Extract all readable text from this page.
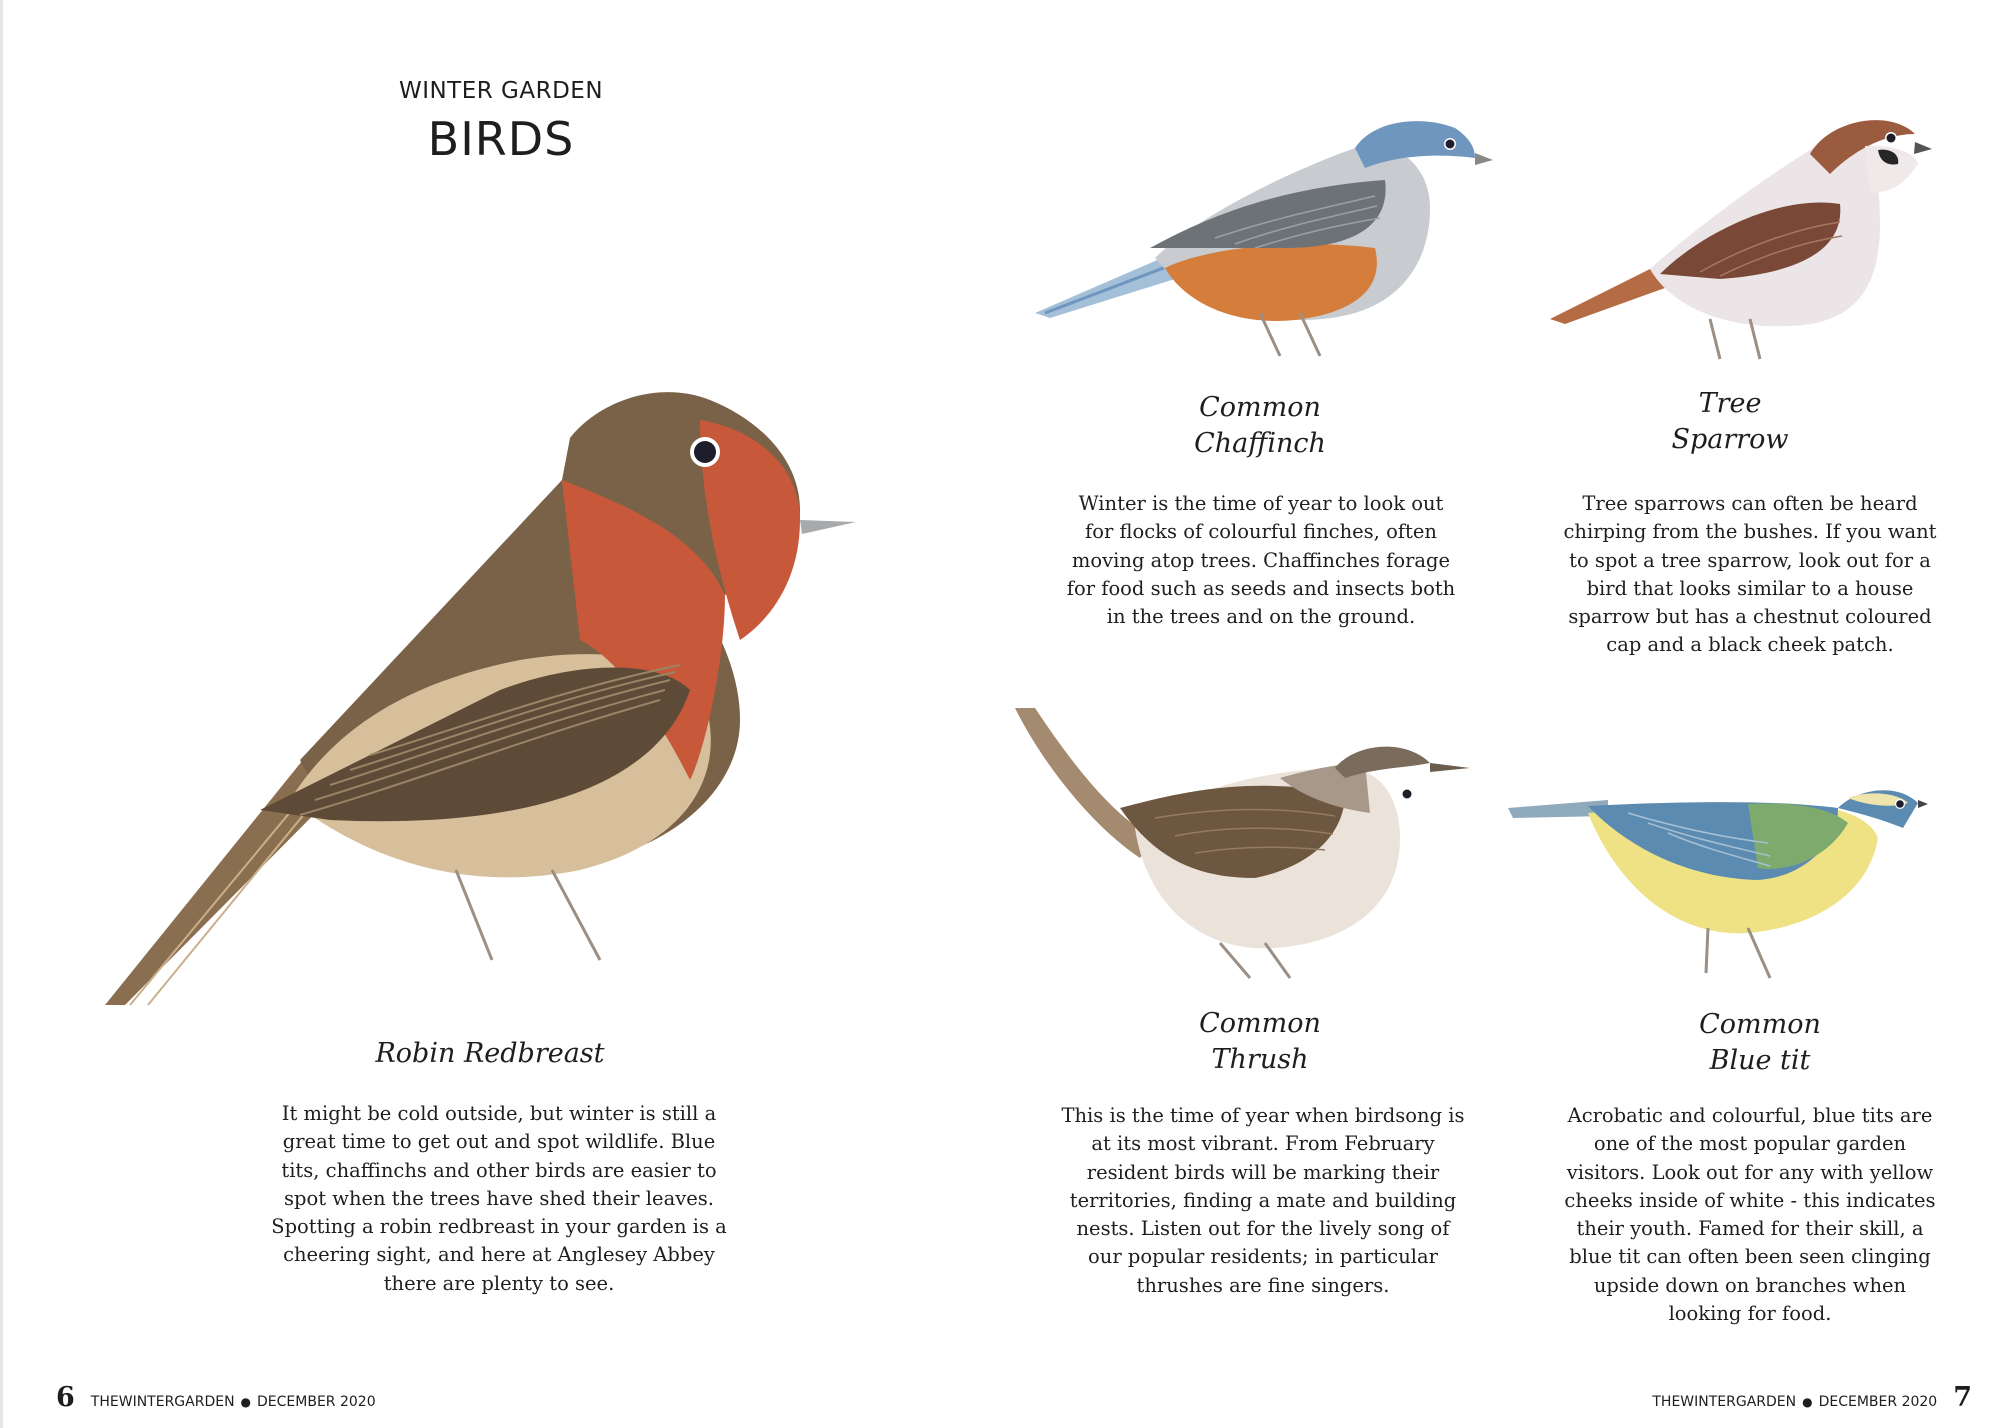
WINTER GARDEN
BIRDS
Robin Redbreast
It might be cold outside, but winter is still a great time to get out and spot wildlife. Blue tits, chaffinchs and other birds are easier to spot when the trees have shed their leaves. Spotting a robin redbreast in your garden is a cheering sight, and here at Anglesey Abbey there are plenty to see.
Common
Chaffinch
Winter is the time of year to look out for flocks of colourful finches, often moving atop trees. Chaffinches forage for food such as seeds and insects both in the trees and on the ground.
Tree
Sparrow
Tree sparrows can often be heard chirping from the bushes. If you want to spot a tree sparrow, look out for a bird that looks similar to a house sparrow but has a chestnut coloured cap and a black cheek patch.
Common
Thrush
This is the time of year when birdsong is at its most vibrant. From February resident birds will be marking their territories, finding a mate and building nests. Listen out for the lively song of our popular residents; in particular thrushes are fine singers.
Common
Blue tit
Acrobatic and colourful, blue tits are one of the most popular garden visitors. Look out for any with yellow cheeks inside of white - this indicates their youth. Famed for their skill, a blue tit can often been seen clinging upside down on branches when looking for food.
6 THEWINTERGARDEN ● DECEMBER 2020	THEWINTERGARDEN ● DECEMBER 2020 7
